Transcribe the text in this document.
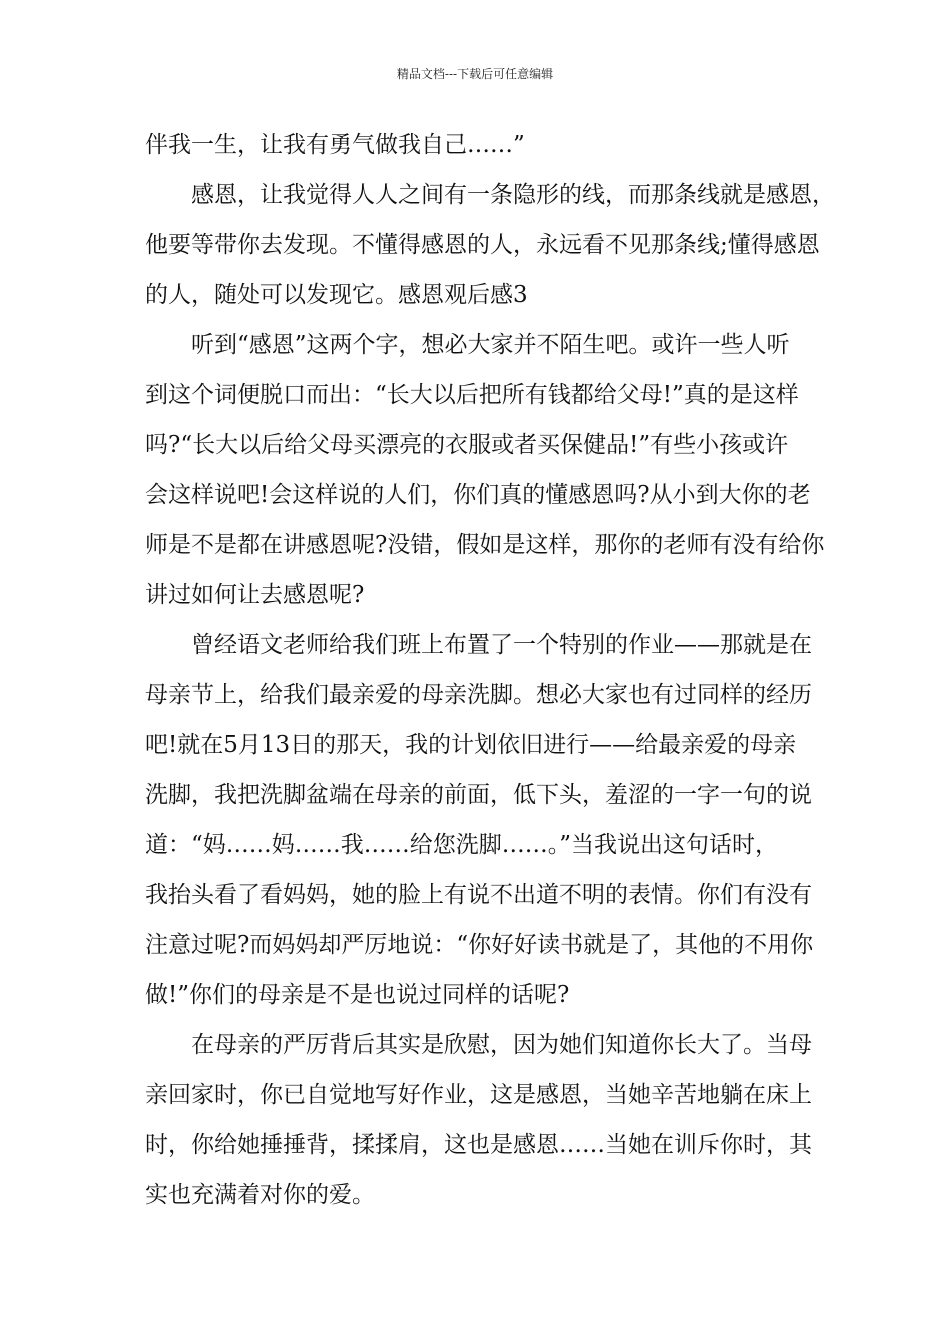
精品文档---下载后可任意编辑
伴我一生，让我有勇气做我自己……”
感恩，让我觉得人人之间有一条隐形的线，而那条线就是感恩，
他要等带你去发现。不懂得感恩的人，永远看不见那条线;懂得感恩
的人，随处可以发现它。感恩观后感3
听到“感恩”这两个字，想必大家并不陌生吧。或许一些人听
到这个词便脱口而出：“长大以后把所有钱都给父母!”真的是这样
吗?“长大以后给父母买漂亮的衣服或者买保健品!”有些小孩或许
会这样说吧!会这样说的人们，你们真的懂感恩吗?从小到大你的老
师是不是都在讲感恩呢?没错，假如是这样，那你的老师有没有给你
讲过如何让去感恩呢?
曾经语文老师给我们班上布置了一个特别的作业——那就是在
母亲节上，给我们最亲爱的母亲洗脚。想必大家也有过同样的经历
吧!就在5月13日的那天，我的计划依旧进行——给最亲爱的母亲
洗脚，我把洗脚盆端在母亲的前面，低下头，羞涩的一字一句的说
道：“妈……妈……我……给您洗脚……。”当我说出这句话时，
我抬头看了看妈妈，她的脸上有说不出道不明的表情。你们有没有
注意过呢?而妈妈却严厉地说：“你好好读书就是了，其他的不用你
做!”你们的母亲是不是也说过同样的话呢?
在母亲的严厉背后其实是欣慰，因为她们知道你长大了。当母
亲回家时，你已自觉地写好作业，这是感恩，当她辛苦地躺在床上
时，你给她捶捶背，揉揉肩，这也是感恩……当她在训斥你时，其
实也充满着对你的爱。
